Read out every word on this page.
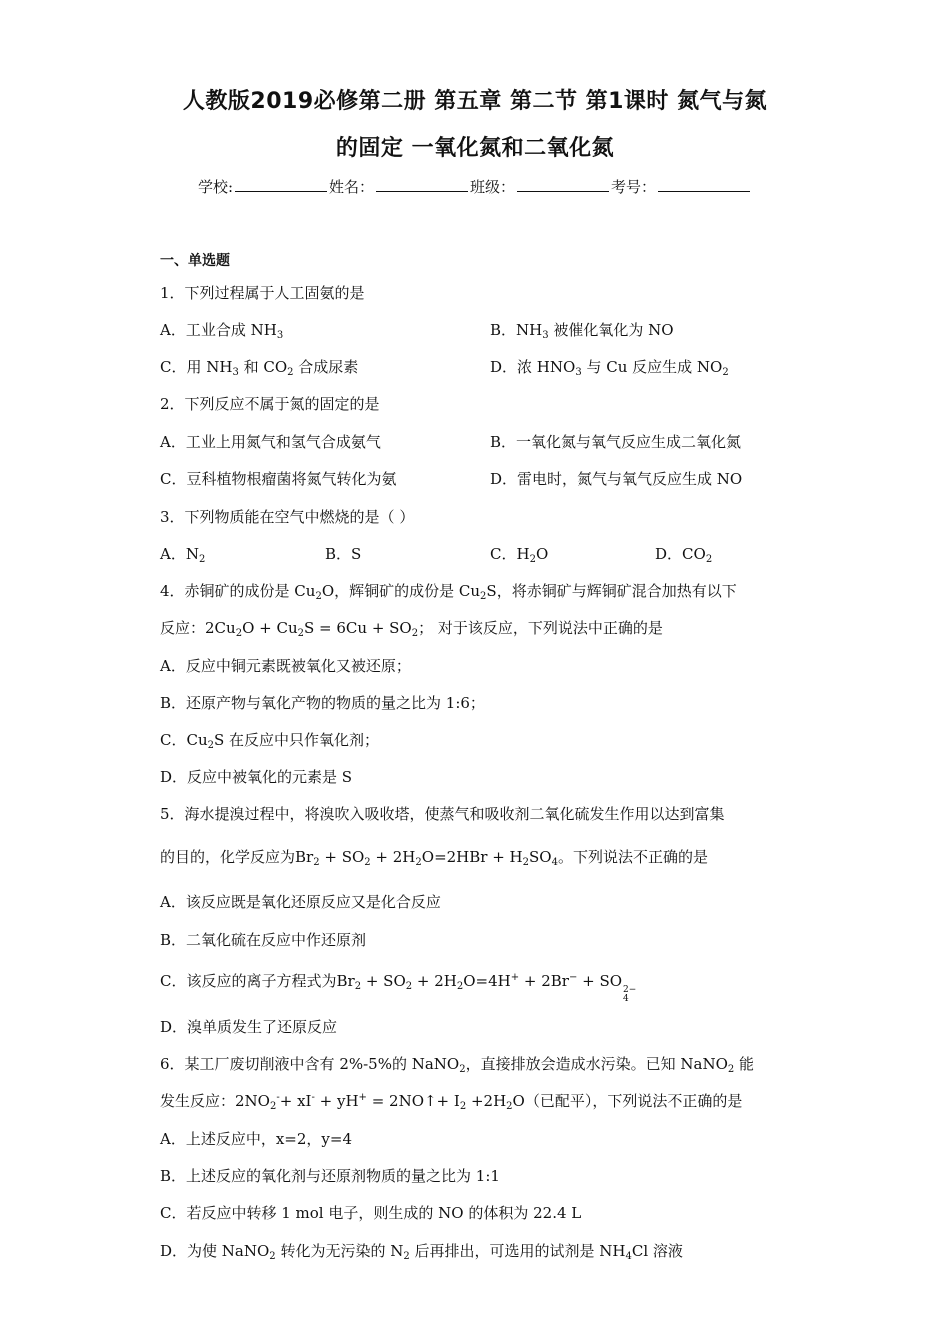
人教版2019必修第二册 第五章 第二节 第1课时 氮气与氮
的固定 一氧化氮和二氧化氮
学校:	姓名：	班级：	考号：
一、单选题
1．下列过程属于人工固氨的是
A．工业合成 $NH_3$	B．$NH_3$ 被催化氧化为 NO
C．用 $NH_3$ 和 $CO_2$ 合成尿素	D．浓 $HNO_3$ 与 Cu 反应生成 $NO_2$
2．下列反应不属于氮的固定的是
A．工业上用氮气和氢气合成氨气	B．一氧化氮与氧气反应生成二氧化氮
C．豆科植物根瘤菌将氮气转化为氨	D．雷电时，氮气与氧气反应生成 NO
3．下列物质能在空气中燃烧的是（ ）
A．$N_2$	B．S	C．$H_2O$	D．$CO_2$
4．赤铜矿的成份是 $Cu_2O$，辉铜矿的成份是 $Cu_2S$，将赤铜矿与辉铜矿混合加热有以下
反应：$2Cu_2O + Cu_2S = 6Cu + SO_2$； 对于该反应，下列说法中正确的是
A．反应中铜元素既被氧化又被还原；
B．还原产物与氧化产物的物质的量之比为 1:6；
C．$Cu_2S$ 在反应中只作氧化剂；
D．反应中被氧化的元素是 S
5．海水提溴过程中，将溴吹入吸收塔，使蒸气和吸收剂二氧化硫发生作用以达到富集
的目的，化学反应为$Br_2 + SO_2 + 2H_2O=2HBr + H_2SO_4$。下列说法不正确的是
A．该反应既是氧化还原反应又是化合反应
B．二氧化硫在反应中作还原剂
C．该反应的离子方程式为$Br_2 + SO_2 + 2H_2O=4H^+ + 2Br^-$ + SO 2−
4
D．溴单质发生了还原反应
6．某工厂废切削液中含有 2%-5%的 NaNO$_2$，直接排放会造成水污染。已知 NaNO$_2$ 能
发生反应：$2NO_2^-+ xI^- + yH^+$ = 2NO↑+ $I_2 +2H_2O$（已配平），下列说法不正确的是
A．上述反应中，x=2，y=4
B．上述反应的氧化剂与还原剂物质的量之比为 1:1
C．若反应中转移 1 mol 电子，则生成的 NO 的体积为 22.4 L
D．为使 NaNO$_2$ 转化为无污染的 $N_2$ 后再排出，可选用的试剂是 $NH_4Cl$ 溶液
